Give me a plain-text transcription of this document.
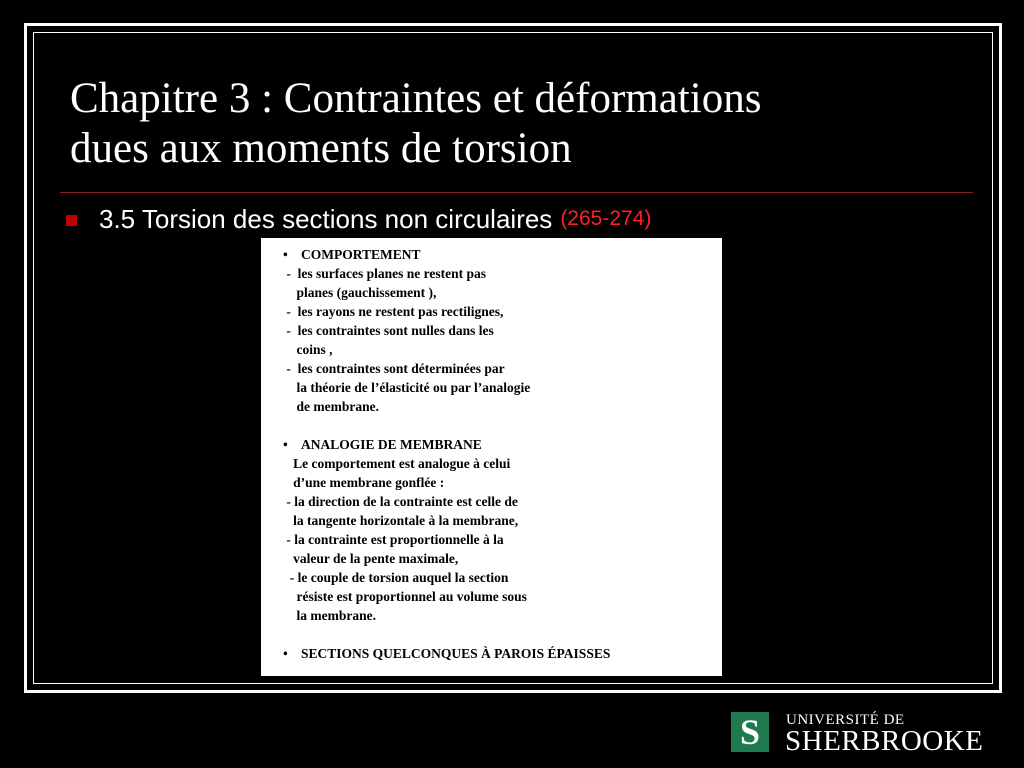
Chapitre 3 : Contraintes et déformations
dues aux moments de torsion
3.5 Torsion des sections non circulaires (265-274)
• COMPORTEMENT
-  les surfaces planes ne restent pas
planes (gauchissement ),
-  les rayons ne restent pas rectilignes,
-  les contraintes sont nulles dans les
coins ,
-  les contraintes sont déterminées par
la théorie de l’élasticité ou par l’analogie
de membrane.
• ANALOGIE DE MEMBRANE
Le comportement est analogue à celui
d’une membrane gonflée :
- la direction de la contrainte est celle de
la tangente horizontale à la membrane,
- la contrainte est proportionnelle à la
valeur de la pente maximale,
- le couple de torsion auquel la section
résiste est proportionnel au volume sous
la membrane.
• SECTIONS QUELCONQUES À PAROIS ÉPAISSES
S	UNIVERSITÉ DE
SHERBROOKE
